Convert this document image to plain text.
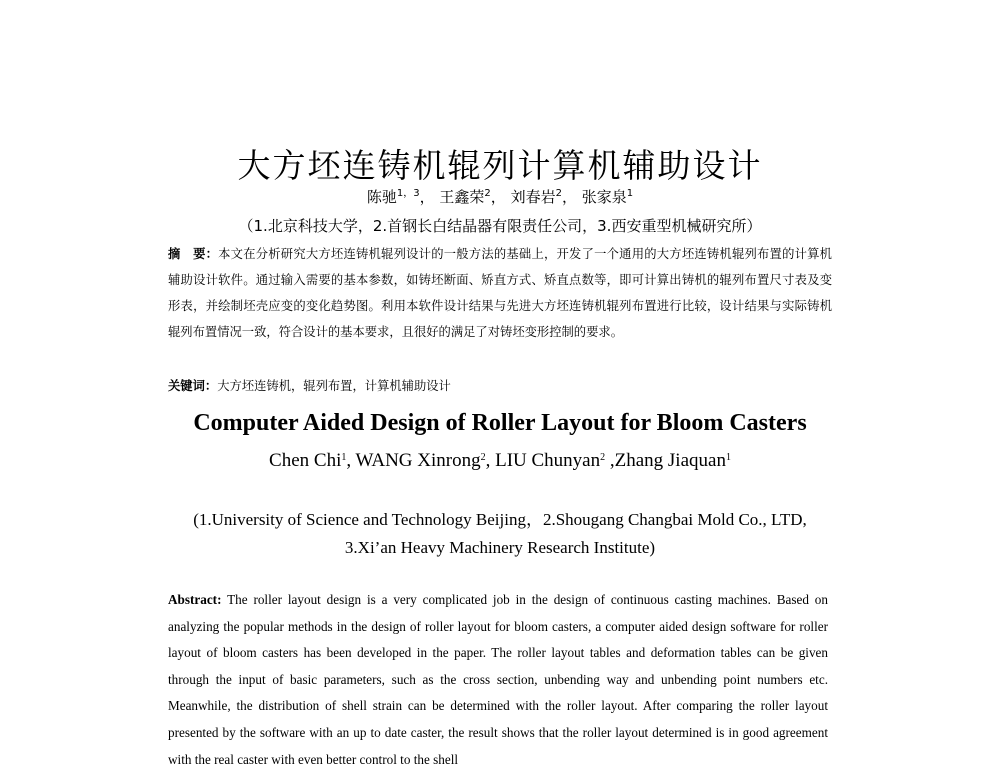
大方坯连铸机辊列计算机辅助设计
陈驰$^{1,3}$， 王鑫荣$^2$， 刘春岩$^2$， 张家泉$^1$
（1.北京科技大学，2.首钢长白结晶器有限责任公司，3.西安重型机械研究所）
摘　要：本文在分析研究大方坯连铸机辊列设计的一般方法的基础上，开发了一个通用的大方坯连铸机辊列布置的计算机辅助设计软件。通过输入需要的基本参数，如铸坯断面、矫直方式、矫直点数等，即可计算出铸机的辊列布置尺寸表及变形表，并绘制坯壳应变的变化趋势图。利用本软件设计结果与先进大方坯连铸机辊列布置进行比较，设计结果与实际铸机辊列布置情况一致，符合设计的基本要求，且很好的满足了对铸坯变形控制的要求。
关键词：大方坯连铸机，辊列布置，计算机辅助设计
Computer Aided Design of Roller Layout for Bloom Casters
Chen Chi$^1$, WANG Xinrong$^2$, LIU Chunyan$^2$ ,Zhang Jiaquan$^1$
(1.University of Science and Technology Beijing，2.Shougang Changbai Mold Co., LTD,
3.Xi’an Heavy Machinery Research Institute)
Abstract: The roller layout design is a very complicated job in the design of continuous casting machines. Based on analyzing the popular methods in the design of roller layout for bloom casters, a computer aided design software for roller layout of bloom casters has been developed in the paper. The roller layout tables and deformation tables can be given through the input of basic parameters, such as the cross section, unbending way and unbending point numbers etc. Meanwhile, the distribution of shell strain can be determined with the roller layout. After comparing the roller layout presented by the software with an up to date caster, the result shows that the roller layout determined is in good agreement with the real caster with even better control to the shell
